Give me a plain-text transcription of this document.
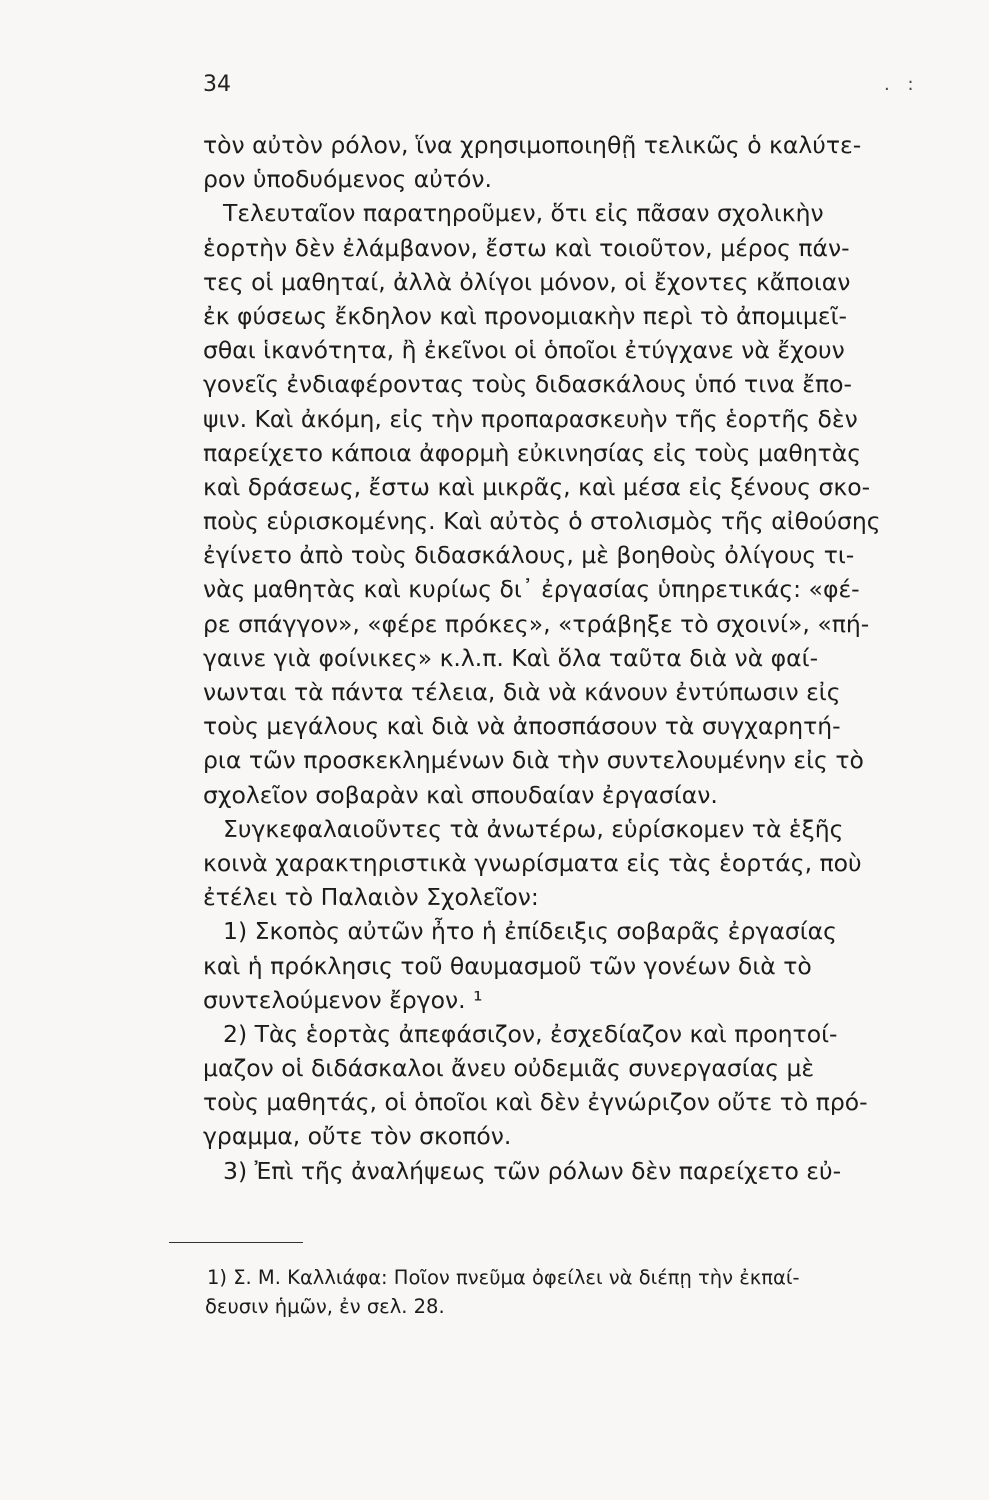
34	. :
τὸν αὐτὸν ρόλον, ἵνα χρησιμοποιηθῇ τελικῶς ὁ καλύτε-
ρον ὑποδυόμενος αὐτόν.
Τελευταῖον παρατηροῦμεν, ὅτι εἰς πᾶσαν σχολικὴν
ἑορτὴν δὲν ἐλάμβανον, ἔστω καὶ τοιοῦτον, μέρος πάν-
τες οἱ μαθηταί, ἀλλὰ ὀλίγοι μόνον, οἱ ἔχοντες κἄποιαν
ἐκ φύσεως ἔκδηλον καὶ προνομιακὴν περὶ τὸ ἀπομιμεῖ-
σθαι ἱκανότητα, ἢ ἐκεῖνοι οἱ ὁποῖοι ἐτύγχανε νὰ ἔχουν
γονεῖς ἐνδιαφέροντας τοὺς διδασκάλους ὑπό τινα ἔπο-
ψιν. Καὶ ἀκόμη, εἰς τὴν προπαρασκευὴν τῆς ἑορτῆς δὲν
παρείχετο κάποια ἀφορμὴ εὐκινησίας εἰς τοὺς μαθητὰς
καὶ δράσεως, ἔστω καὶ μικρᾶς, καὶ μέσα εἰς ξένους σκο-
ποὺς εὑρισκομένης. Καὶ αὐτὸς ὁ στολισμὸς τῆς αἰθούσης
ἐγίνετο ἀπὸ τοὺς διδασκάλους, μὲ βοηθοὺς ὀλίγους τι-
νὰς μαθητὰς καὶ κυρίως δι᾽ ἐργασίας ὑπηρετικάς: «φέ-
ρε σπάγγον», «φέρε πρόκες», «τράβηξε τὸ σχοινί», «πή-
γαινε γιὰ φοίνικες» κ.λ.π. Καὶ ὅλα ταῦτα διὰ νὰ φαί-
νωνται τὰ πάντα τέλεια, διὰ νὰ κάνουν ἐντύπωσιν εἰς
τοὺς μεγάλους καὶ διὰ νὰ ἀποσπάσουν τὰ συγχαρητή-
ρια τῶν προσκεκλημένων διὰ τὴν συντελουμένην εἰς τὸ
σχολεῖον σοβαρὰν καὶ σπουδαίαν ἐργασίαν.
Συγκεφαλαιοῦντες τὰ ἀνωτέρω, εὑρίσκομεν τὰ ἑξῆς
κοινὰ χαρακτηριστικὰ γνωρίσματα εἰς τὰς ἑορτάς, ποὺ
ἐτέλει τὸ Παλαιὸν Σχολεῖον:
1) Σκοπὸς αὐτῶν ἦτο ἡ ἐπίδειξις σοβαρᾶς ἐργασίας
καὶ ἡ πρόκλησις τοῦ θαυμασμοῦ τῶν γονέων διὰ τὸ
συντελούμενον ἔργον. ¹
2) Τὰς ἑορτὰς ἀπεφάσιζον, ἐσχεδίαζον καὶ προητοί-
μαζον οἱ διδάσκαλοι ἄνευ οὐδεμιᾶς συνεργασίας μὲ
τοὺς μαθητάς, οἱ ὁποῖοι καὶ δὲν ἐγνώριζον οὔτε τὸ πρό-
γραμμα, οὔτε τὸν σκοπόν.
3) Ἐπὶ τῆς ἀναλήψεως τῶν ρόλων δὲν παρείχετο εὐ-
1) Σ. Μ. Καλλιάφα: Ποῖον πνεῦμα ὀφείλει νὰ διέπῃ τὴν ἐκπαί-
δευσιν ἡμῶν, ἐν σελ. 28.
